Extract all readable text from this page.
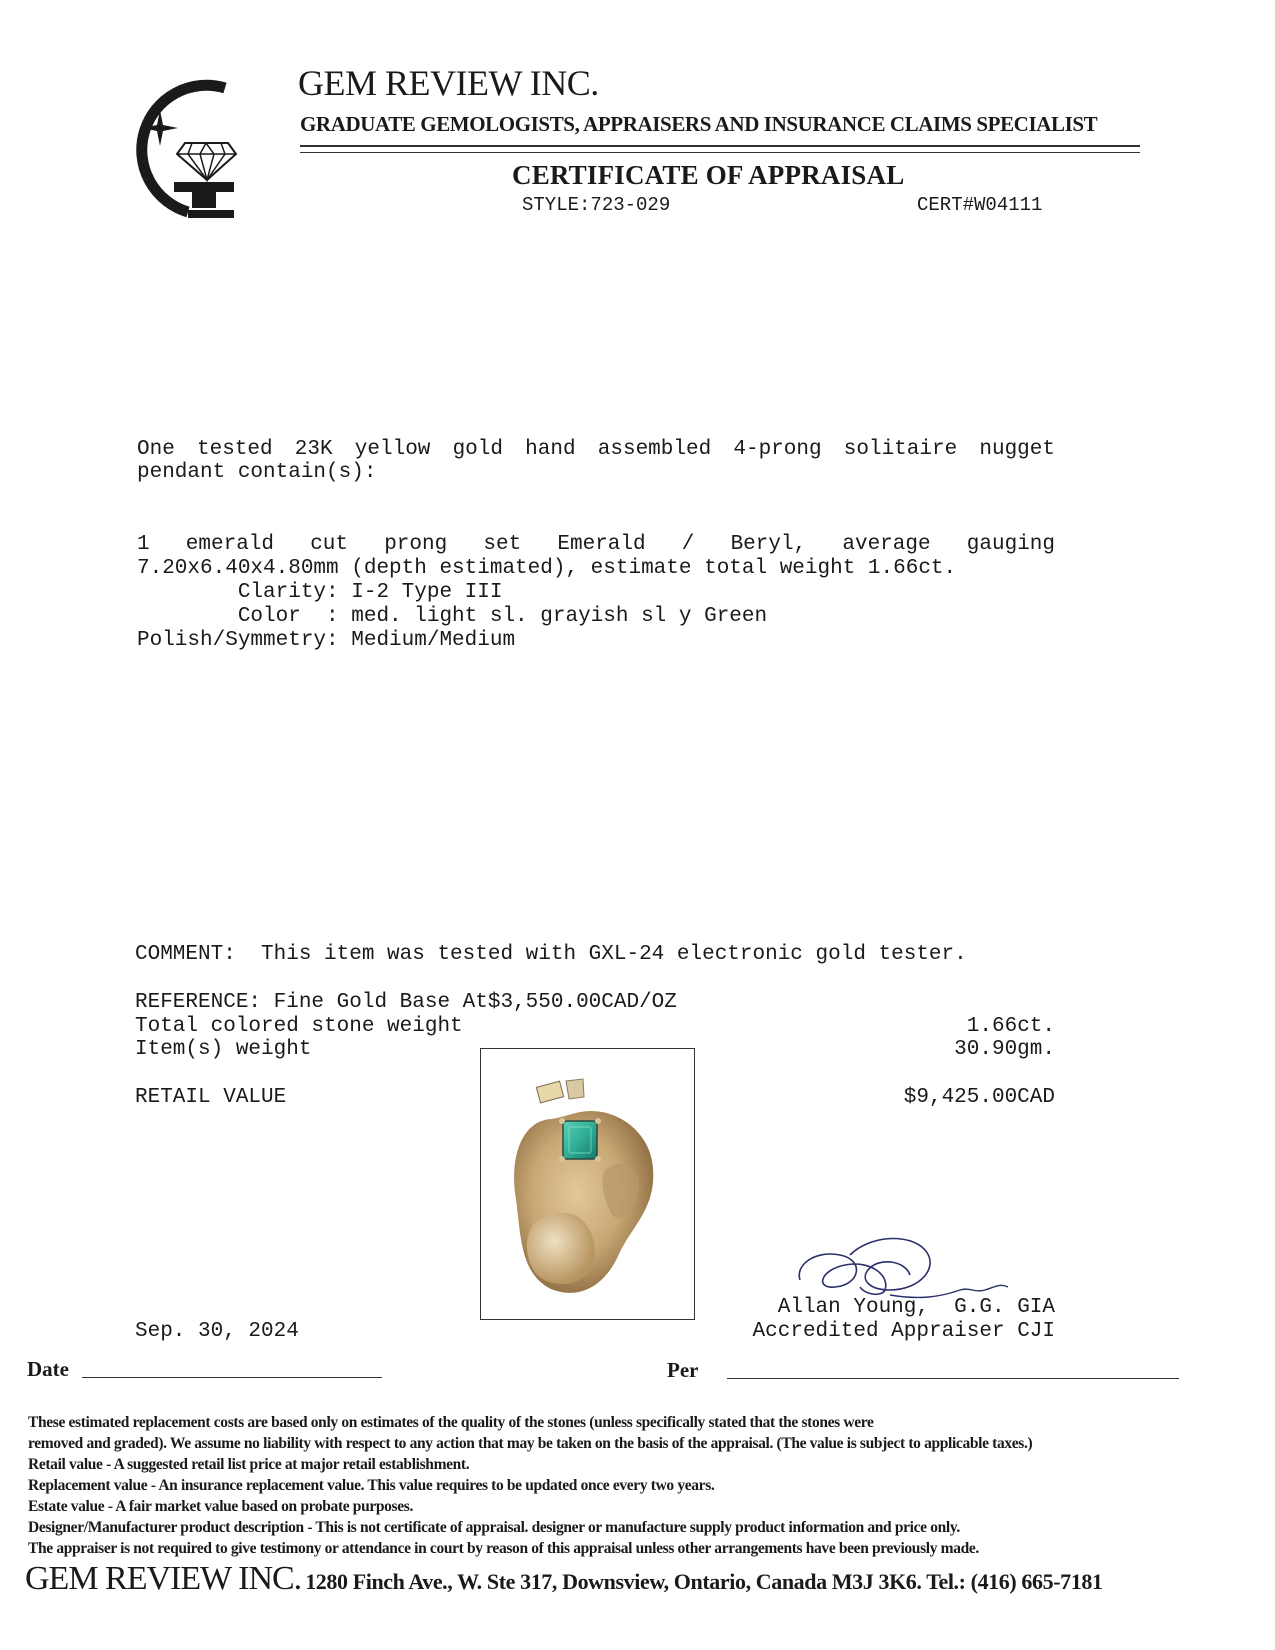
GEM REVIEW INC.
GRADUATE GEMOLOGISTS, APPRAISERS AND INSURANCE CLAIMS SPECIALIST
CERTIFICATE OF APPRAISAL
STYLE:723-029	CERT#W04111
One tested 23K yellow gold hand assembled 4-prong solitaire nugget
pendant contain(s):
1 emerald cut prong set Emerald / Beryl, average gauging
7.20x6.40x4.80mm (depth estimated), estimate total weight 1.66ct.
Clarity: I-2 Type III
Color  : med. light sl. grayish sl y Green
Polish/Symmetry: Medium/Medium
COMMENT:  This item was tested with GXL-24 electronic gold tester.
REFERENCE: Fine Gold Base At$3,550.00CAD/OZ
Total colored stone weight	1.66ct.
Item(s) weight	30.90gm.
RETAIL VALUE	$9,425.00CAD
Sep. 30, 2024
Allan Young,  G.G. GIA
Accredited Appraiser CJI
Date	Per
These estimated replacement costs are based only on estimates of the quality of the stones (unless specifically stated that the stones were
removed and graded). We assume no liability with respect to any action that may be taken on the basis of the appraisal. (The value is subject to applicable taxes.)
Retail value - A suggested retail list price at major retail establishment.
Replacement value - An insurance replacement value. This value requires to be updated once every two years.
Estate value - A fair market value based on probate purposes.
Designer/Manufacturer product description - This is not certificate of appraisal. designer or manufacture supply product information and price only.
The appraiser is not required to give testimony or attendance in court by reason of this appraisal unless other arrangements have been previously made.
GEM REVIEW INC. 1280 Finch Ave., W. Ste 317, Downsview, Ontario, Canada M3J 3K6. Tel.: (416) 665-7181
